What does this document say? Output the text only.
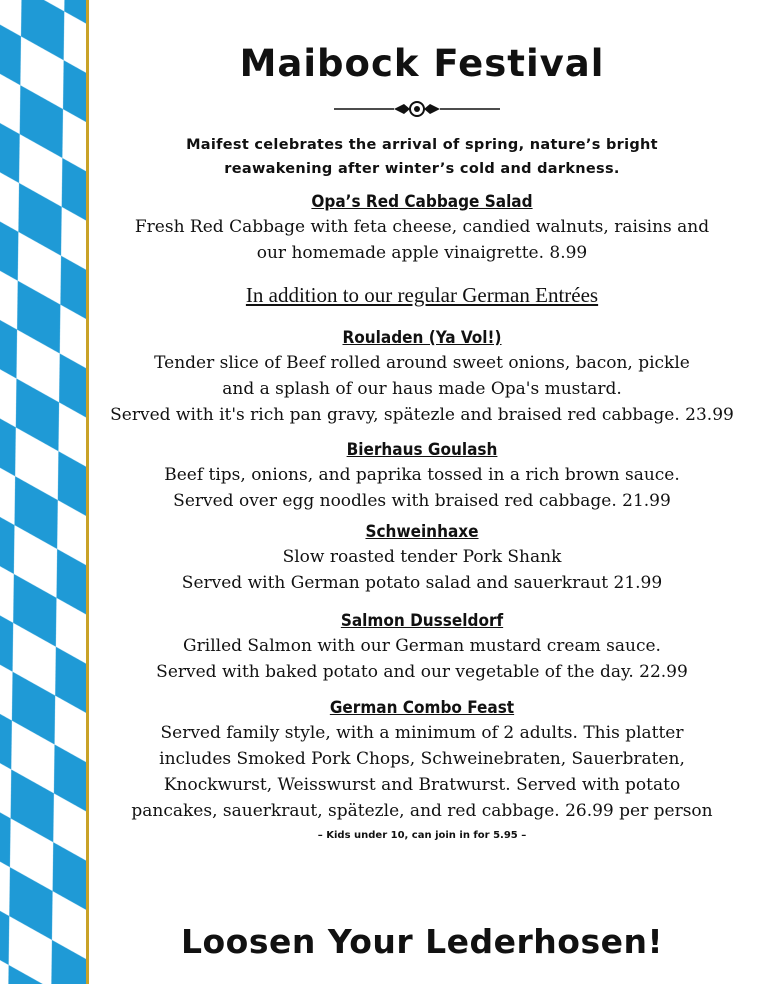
Maibock Festival
Maifest celebrates the arrival of spring, nature’s bright reawakening after winter’s cold and darkness.
Opa’s Red Cabbage Salad
Fresh Red Cabbage with feta cheese, candied walnuts, raisins and
our homemade apple vinaigrette. 8.99
In addition to our regular German Entrées
Rouladen (Ya Vol!)
Tender slice of Beef rolled around sweet onions, bacon, pickle
and a splash of our haus made Opa's mustard.
Served with it's rich pan gravy, spätezle and braised red cabbage. 23.99
Bierhaus Goulash
Beef tips, onions, and paprika tossed in a rich brown sauce.
Served over egg noodles with braised red cabbage. 21.99
Schweinhaxe
Slow roasted tender Pork Shank
Served with German potato salad and sauerkraut 21.99
Salmon Dusseldorf
Grilled Salmon with our German mustard cream sauce.
Served with baked potato and our vegetable of the day. 22.99
German Combo Feast
Served family style, with a minimum of 2 adults. This platter
includes Smoked Pork Chops, Schweinebraten, Sauerbraten,
Knockwurst, Weisswurst and Bratwurst. Served with potato
pancakes, sauerkraut, spätezle, and red cabbage. 26.99 per person
– Kids under 10, can join in for 5.95 –
Loosen Your Lederhosen!
